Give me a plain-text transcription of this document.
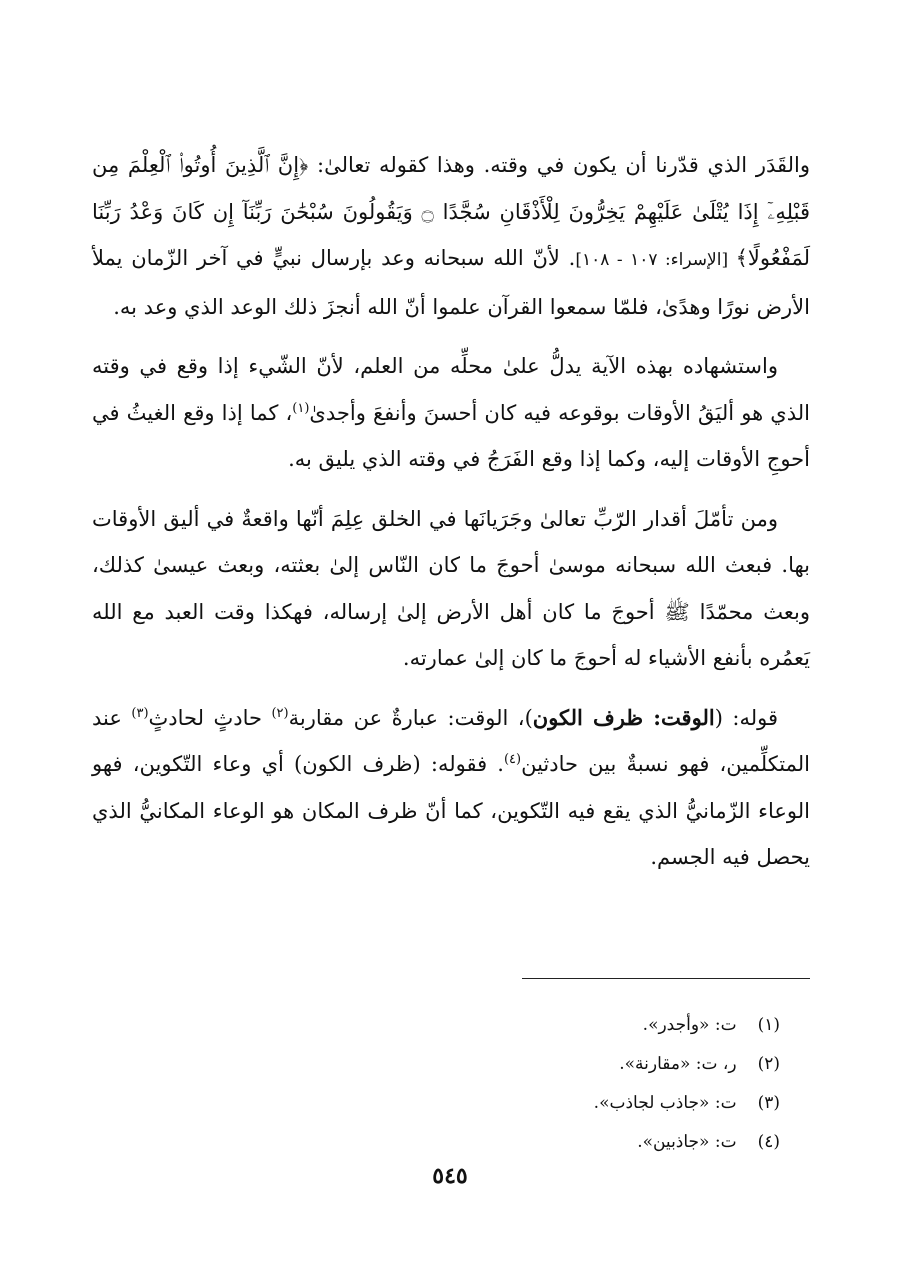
والقَدَر الذي قدّرنا أن يكون في وقته. وهذا كقوله تعالىٰ: ﴿إِنَّ ٱلَّذِينَ أُوتُوا۟ ٱلْعِلْمَ مِن قَبْلِهِۦٓ إِذَا يُتْلَىٰ عَلَيْهِمْ يَخِرُّونَ لِلْأَذْقَانِ سُجَّدًا ۝ وَيَقُولُونَ سُبْحَٰنَ رَبِّنَآ إِن كَانَ وَعْدُ رَبِّنَا لَمَفْعُولًا﴾ [الإسراء: ١٠٧ - ١٠٨]. لأنّ الله سبحانه وعد بإرسال نبيٍّ في آخر الزّمان يملأ الأرض نورًا وهدًىٰ، فلمّا سمعوا القرآن علموا أنّ الله أنجزَ ذلك الوعد الذي وعد به.

واستشهاده بهذه الآية يدلُّ علىٰ محلِّه من العلم، لأنّ الشّيء إذا وقع في وقته الذي هو أليَقُ الأوقات بوقوعه فيه كان أحسنَ وأنفعَ وأجدىٰ$^{(١)}$، كما إذا وقع الغيثُ في أحوجِ الأوقات إليه، وكما إذا وقع الفَرَجُ في وقته الذي يليق به.

ومن تأمّلَ أقدار الرّبِّ تعالىٰ وجَرَيانَها في الخلق عِلِمَ أنّها واقعةٌ في أليق الأوقات بها. فبعث الله سبحانه موسىٰ أحوجَ ما كان النّاس إلىٰ بعثته، وبعث عيسىٰ كذلك، وبعث محمّدًا ﷺ أحوجَ ما كان أهل الأرض إلىٰ إرساله، فهكذا وقت العبد مع الله يَعمُره بأنفع الأشياء له أحوجَ ما كان إلىٰ عمارته.

قوله: (الوقت: ظرف الكون)، الوقت: عبارةٌ عن مقاربة$^{(٢)}$ حادثٍ لحادثٍ$^{(٣)}$ عند المتكلِّمين، فهو نسبةٌ بين حادثين$^{(٤)}$. فقوله: (ظرف الكون) أي وعاء التّكوين، فهو الوعاء الزّمانيُّ الذي يقع فيه التّكوين، كما أنّ ظرف المكان هو الوعاء المكانيُّ الذي يحصل فيه الجسم.

(١) ت: «وأجدر».
(٢) ر، ت: «مقارنة».
(٣) ت: «جاذب لجاذب».
(٤) ت: «جاذبين».
٥٤٥
